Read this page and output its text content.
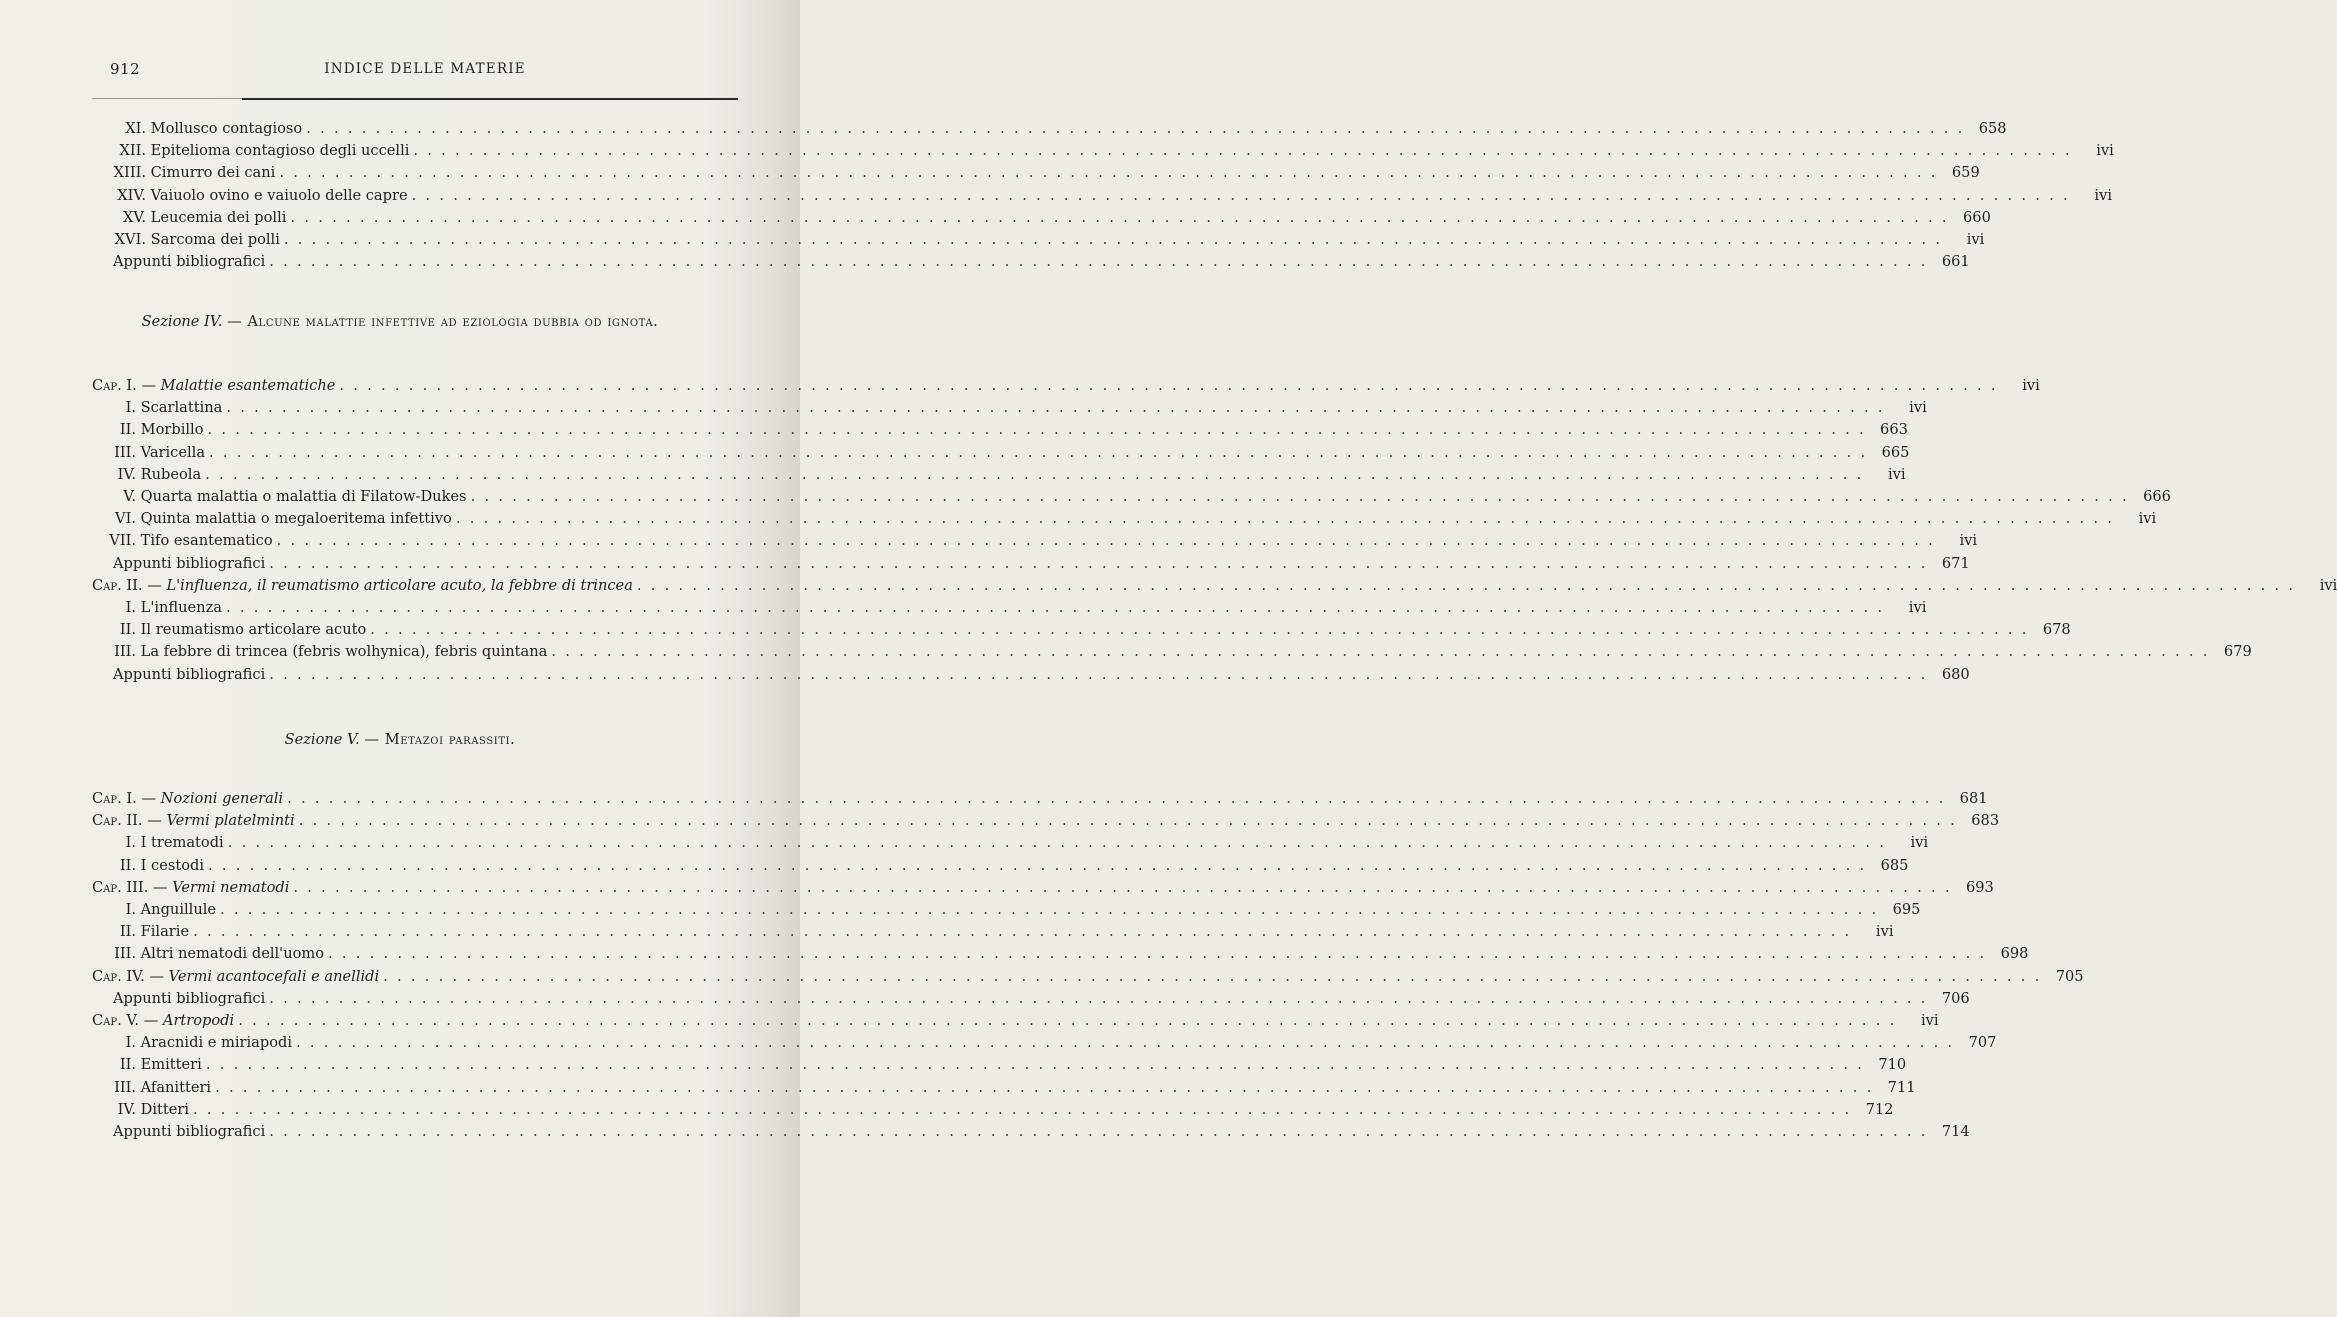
912	INDICE DELLE MATERIE
XI. Mollusco contagioso . . . . . . . . . . . . . . . . . . . . . . . . . . . . . . . . . . . . . . . . . . . . . . . . . . . . . . . . . . . . . . . . . . . . . . . . . . . . . . . . . . . . . . . . . . . . . . . . . . . . . . . . . . . . . . . . . . . . . . . . 658
XII. Epitelioma contagioso degli uccelli . . . . . . . . . . . . . . . . . . . . . . . . . . . . . . . . . . . . . . . . . . . . . . . . . . . . . . . . . . . . . . . . . . . . . . . . . . . . . . . . . . . . . . . . . . . . . . . . . . . . . . . . . . . . . . . . . . . . . . . .	ivi
XIII. Cimurro dei cani . . . . . . . . . . . . . . . . . . . . . . . . . . . . . . . . . . . . . . . . . . . . . . . . . . . . . . . . . . . . . . . . . . . . . . . . . . . . . . . . . . . . . . . . . . . . . . . . . . . . . . . . . . . . . . . . . . . . . . . . 659
XIV. Vaiuolo ovino e vaiuolo delle capre . . . . . . . . . . . . . . . . . . . . . . . . . . . . . . . . . . . . . . . . . . . . . . . . . . . . . . . . . . . . . . . . . . . . . . . . . . . . . . . . . . . . . . . . . . . . . . . . . . . . . . . . . . . . . . . . . . . . . . . .	ivi
XV. Leucemia dei polli . . . . . . . . . . . . . . . . . . . . . . . . . . . . . . . . . . . . . . . . . . . . . . . . . . . . . . . . . . . . . . . . . . . . . . . . . . . . . . . . . . . . . . . . . . . . . . . . . . . . . . . . . . . . . . . . . . . . . . . . 660
XVI. Sarcoma dei polli . . . . . . . . . . . . . . . . . . . . . . . . . . . . . . . . . . . . . . . . . . . . . . . . . . . . . . . . . . . . . . . . . . . . . . . . . . . . . . . . . . . . . . . . . . . . . . . . . . . . . . . . . . . . . . . . . . . . . . . .	ivi
Appunti bibliografici . . . . . . . . . . . . . . . . . . . . . . . . . . . . . . . . . . . . . . . . . . . . . . . . . . . . . . . . . . . . . . . . . . . . . . . . . . . . . . . . . . . . . . . . . . . . . . . . . . . . . . . . . . . . . . . . . . . . . . . . 661
Sezione IV. — Alcune malattie infettive ad eziologia dubbia od ignota.
Cap. I. — Malattie esantematiche . . . . . . . . . . . . . . . . . . . . . . . . . . . . . . . . . . . . . . . . . . . . . . . . . . . . . . . . . . . . . . . . . . . . . . . . . . . . . . . . . . . . . . . . . . . . . . . . . . . . . . . . . . . . . . . . . . . . . . . .	ivi
I. Scarlattina . . . . . . . . . . . . . . . . . . . . . . . . . . . . . . . . . . . . . . . . . . . . . . . . . . . . . . . . . . . . . . . . . . . . . . . . . . . . . . . . . . . . . . . . . . . . . . . . . . . . . . . . . . . . . . . . . . . . . . . .	ivi
II. Morbillo . . . . . . . . . . . . . . . . . . . . . . . . . . . . . . . . . . . . . . . . . . . . . . . . . . . . . . . . . . . . . . . . . . . . . . . . . . . . . . . . . . . . . . . . . . . . . . . . . . . . . . . . . . . . . . . . . . . . . . . . 663
III. Varicella . . . . . . . . . . . . . . . . . . . . . . . . . . . . . . . . . . . . . . . . . . . . . . . . . . . . . . . . . . . . . . . . . . . . . . . . . . . . . . . . . . . . . . . . . . . . . . . . . . . . . . . . . . . . . . . . . . . . . . . . 665
IV. Rubeola . . . . . . . . . . . . . . . . . . . . . . . . . . . . . . . . . . . . . . . . . . . . . . . . . . . . . . . . . . . . . . . . . . . . . . . . . . . . . . . . . . . . . . . . . . . . . . . . . . . . . . . . . . . . . . . . . . . . . . . .	ivi
V. Quarta malattia o malattia di Filatow-Dukes . . . . . . . . . . . . . . . . . . . . . . . . . . . . . . . . . . . . . . . . . . . . . . . . . . . . . . . . . . . . . . . . . . . . . . . . . . . . . . . . . . . . . . . . . . . . . . . . . . . . . . . . . . . . . . . . . . . . . . . . 666
VI. Quinta malattia o megaloeritema infettivo . . . . . . . . . . . . . . . . . . . . . . . . . . . . . . . . . . . . . . . . . . . . . . . . . . . . . . . . . . . . . . . . . . . . . . . . . . . . . . . . . . . . . . . . . . . . . . . . . . . . . . . . . . . . . . . . . . . . . . . .	ivi
VII. Tifo esantematico . . . . . . . . . . . . . . . . . . . . . . . . . . . . . . . . . . . . . . . . . . . . . . . . . . . . . . . . . . . . . . . . . . . . . . . . . . . . . . . . . . . . . . . . . . . . . . . . . . . . . . . . . . . . . . . . . . . . . . . .	ivi
Appunti bibliografici . . . . . . . . . . . . . . . . . . . . . . . . . . . . . . . . . . . . . . . . . . . . . . . . . . . . . . . . . . . . . . . . . . . . . . . . . . . . . . . . . . . . . . . . . . . . . . . . . . . . . . . . . . . . . . . . . . . . . . . . 671
Cap. II. — L'influenza, il reumatismo articolare acuto, la febbre di trincea . . . . . . . . . . . . . . . . . . . . . . . . . . . . . . . . . . . . . . . . . . . . . . . . . . . . . . . . . . . . . . . . . . . . . . . . . . . . . . . . . . . . . . . . . . . . . . . . . . . . . . . . . . . . . . . . . . . . . . . .	ivi
I. L'influenza . . . . . . . . . . . . . . . . . . . . . . . . . . . . . . . . . . . . . . . . . . . . . . . . . . . . . . . . . . . . . . . . . . . . . . . . . . . . . . . . . . . . . . . . . . . . . . . . . . . . . . . . . . . . . . . . . . . . . . . .	ivi
II. Il reumatismo articolare acuto . . . . . . . . . . . . . . . . . . . . . . . . . . . . . . . . . . . . . . . . . . . . . . . . . . . . . . . . . . . . . . . . . . . . . . . . . . . . . . . . . . . . . . . . . . . . . . . . . . . . . . . . . . . . . . . . . . . . . . . . 678
III. La febbre di trincea (febris wolhynica), febris quintana . . . . . . . . . . . . . . . . . . . . . . . . . . . . . . . . . . . . . . . . . . . . . . . . . . . . . . . . . . . . . . . . . . . . . . . . . . . . . . . . . . . . . . . . . . . . . . . . . . . . . . . . . . . . . . . . . . . . . . . . 679
Appunti bibliografici . . . . . . . . . . . . . . . . . . . . . . . . . . . . . . . . . . . . . . . . . . . . . . . . . . . . . . . . . . . . . . . . . . . . . . . . . . . . . . . . . . . . . . . . . . . . . . . . . . . . . . . . . . . . . . . . . . . . . . . . 680
Sezione V. — Metazoi parassiti.
Cap. I. — Nozioni generali . . . . . . . . . . . . . . . . . . . . . . . . . . . . . . . . . . . . . . . . . . . . . . . . . . . . . . . . . . . . . . . . . . . . . . . . . . . . . . . . . . . . . . . . . . . . . . . . . . . . . . . . . . . . . . . . . . . . . . . . 681
Cap. II. — Vermi platelminti . . . . . . . . . . . . . . . . . . . . . . . . . . . . . . . . . . . . . . . . . . . . . . . . . . . . . . . . . . . . . . . . . . . . . . . . . . . . . . . . . . . . . . . . . . . . . . . . . . . . . . . . . . . . . . . . . . . . . . . . 683
I. I trematodi . . . . . . . . . . . . . . . . . . . . . . . . . . . . . . . . . . . . . . . . . . . . . . . . . . . . . . . . . . . . . . . . . . . . . . . . . . . . . . . . . . . . . . . . . . . . . . . . . . . . . . . . . . . . . . . . . . . . . . . .	ivi
II. I cestodi . . . . . . . . . . . . . . . . . . . . . . . . . . . . . . . . . . . . . . . . . . . . . . . . . . . . . . . . . . . . . . . . . . . . . . . . . . . . . . . . . . . . . . . . . . . . . . . . . . . . . . . . . . . . . . . . . . . . . . . . 685
Cap. III. — Vermi nematodi . . . . . . . . . . . . . . . . . . . . . . . . . . . . . . . . . . . . . . . . . . . . . . . . . . . . . . . . . . . . . . . . . . . . . . . . . . . . . . . . . . . . . . . . . . . . . . . . . . . . . . . . . . . . . . . . . . . . . . . . 693
I. Anguillule . . . . . . . . . . . . . . . . . . . . . . . . . . . . . . . . . . . . . . . . . . . . . . . . . . . . . . . . . . . . . . . . . . . . . . . . . . . . . . . . . . . . . . . . . . . . . . . . . . . . . . . . . . . . . . . . . . . . . . . . 695
II. Filarie . . . . . . . . . . . . . . . . . . . . . . . . . . . . . . . . . . . . . . . . . . . . . . . . . . . . . . . . . . . . . . . . . . . . . . . . . . . . . . . . . . . . . . . . . . . . . . . . . . . . . . . . . . . . . . . . . . . . . . . .	ivi
III. Altri nematodi dell'uomo . . . . . . . . . . . . . . . . . . . . . . . . . . . . . . . . . . . . . . . . . . . . . . . . . . . . . . . . . . . . . . . . . . . . . . . . . . . . . . . . . . . . . . . . . . . . . . . . . . . . . . . . . . . . . . . . . . . . . . . . 698
Cap. IV. — Vermi acantocefali e anellidi . . . . . . . . . . . . . . . . . . . . . . . . . . . . . . . . . . . . . . . . . . . . . . . . . . . . . . . . . . . . . . . . . . . . . . . . . . . . . . . . . . . . . . . . . . . . . . . . . . . . . . . . . . . . . . . . . . . . . . . . 705
Appunti bibliografici . . . . . . . . . . . . . . . . . . . . . . . . . . . . . . . . . . . . . . . . . . . . . . . . . . . . . . . . . . . . . . . . . . . . . . . . . . . . . . . . . . . . . . . . . . . . . . . . . . . . . . . . . . . . . . . . . . . . . . . . 706
Cap. V. — Artropodi . . . . . . . . . . . . . . . . . . . . . . . . . . . . . . . . . . . . . . . . . . . . . . . . . . . . . . . . . . . . . . . . . . . . . . . . . . . . . . . . . . . . . . . . . . . . . . . . . . . . . . . . . . . . . . . . . . . . . . . .	ivi
I. Aracnidi e miriapodi . . . . . . . . . . . . . . . . . . . . . . . . . . . . . . . . . . . . . . . . . . . . . . . . . . . . . . . . . . . . . . . . . . . . . . . . . . . . . . . . . . . . . . . . . . . . . . . . . . . . . . . . . . . . . . . . . . . . . . . . 707
II. Emitteri . . . . . . . . . . . . . . . . . . . . . . . . . . . . . . . . . . . . . . . . . . . . . . . . . . . . . . . . . . . . . . . . . . . . . . . . . . . . . . . . . . . . . . . . . . . . . . . . . . . . . . . . . . . . . . . . . . . . . . . . 710
III. Afanitteri . . . . . . . . . . . . . . . . . . . . . . . . . . . . . . . . . . . . . . . . . . . . . . . . . . . . . . . . . . . . . . . . . . . . . . . . . . . . . . . . . . . . . . . . . . . . . . . . . . . . . . . . . . . . . . . . . . . . . . . . 711
IV. Ditteri . . . . . . . . . . . . . . . . . . . . . . . . . . . . . . . . . . . . . . . . . . . . . . . . . . . . . . . . . . . . . . . . . . . . . . . . . . . . . . . . . . . . . . . . . . . . . . . . . . . . . . . . . . . . . . . . . . . . . . . . 712
Appunti bibliografici . . . . . . . . . . . . . . . . . . . . . . . . . . . . . . . . . . . . . . . . . . . . . . . . . . . . . . . . . . . . . . . . . . . . . . . . . . . . . . . . . . . . . . . . . . . . . . . . . . . . . . . . . . . . . . . . . . . . . . . . 714
